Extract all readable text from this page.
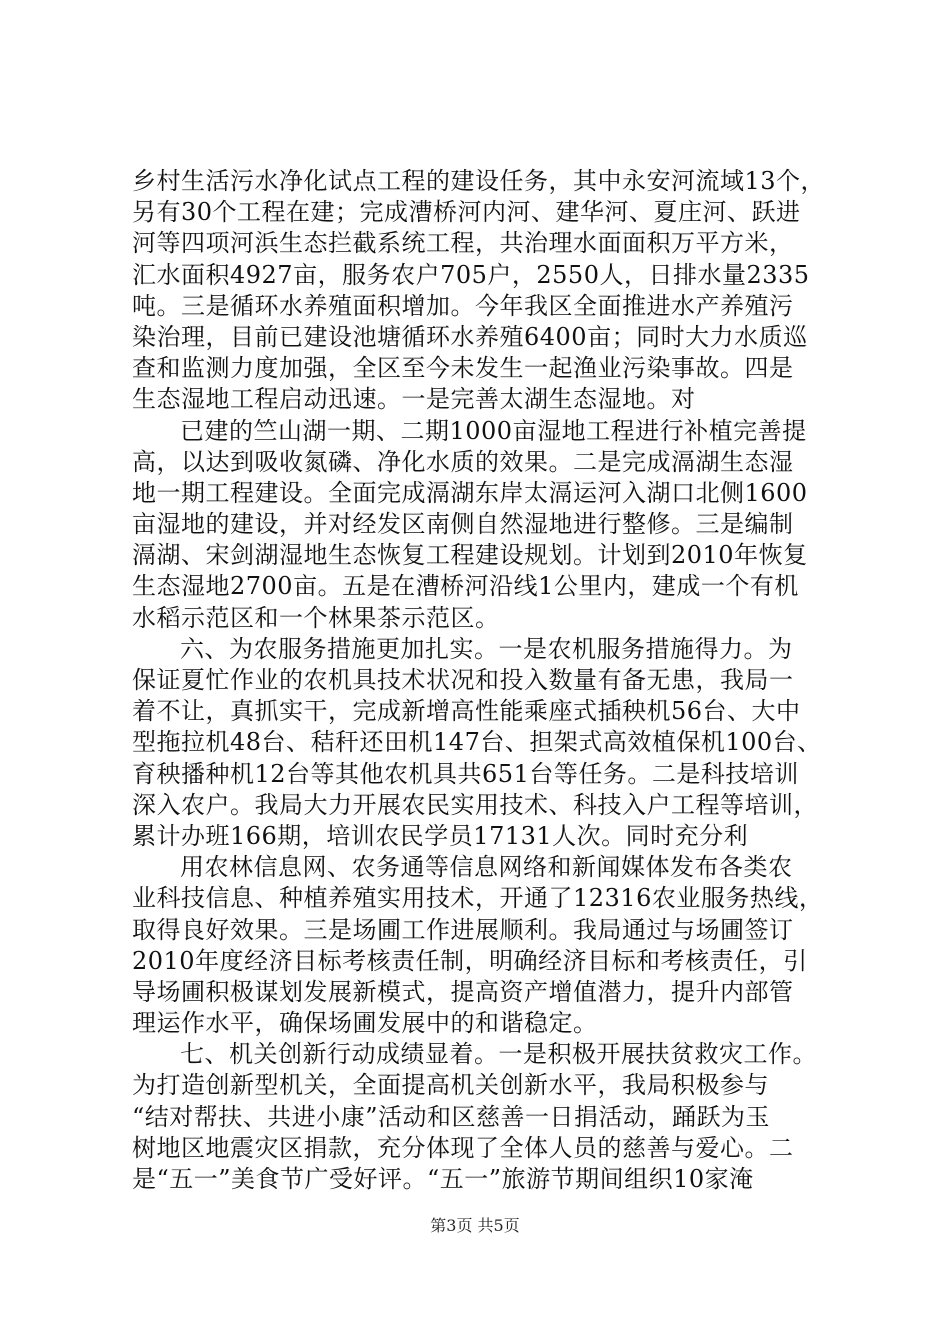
乡村生活污水净化试点工程的建设任务，其中永安河流域13个，
另有30个工程在建；完成漕桥河内河、建华河、夏庄河、跃进
河等四项河浜生态拦截系统工程，共治理水面面积万平方米，
汇水面积4927亩，服务农户705户，2550人，日排水量2335
吨。三是循环水养殖面积增加。今年我区全面推进水产养殖污
染治理，目前已建设池塘循环水养殖6400亩；同时大力水质巡
查和监测力度加强，全区至今未发生一起渔业污染事故。四是
生态湿地工程启动迅速。一是完善太湖生态湿地。对
已建的竺山湖一期、二期1000亩湿地工程进行补植完善提
高，以达到吸收氮磷、净化水质的效果。二是完成滆湖生态湿
地一期工程建设。全面完成滆湖东岸太滆运河入湖口北侧1600
亩湿地的建设，并对经发区南侧自然湿地进行整修。三是编制
滆湖、宋剑湖湿地生态恢复工程建设规划。计划到2010年恢复
生态湿地2700亩。五是在漕桥河沿线1公里内，建成一个有机
水稻示范区和一个林果茶示范区。
六、为农服务措施更加扎实。一是农机服务措施得力。为
保证夏忙作业的农机具技术状况和投入数量有备无患，我局一
着不让，真抓实干，完成新增高性能乘座式插秧机56台、大中
型拖拉机48台、秸秆还田机147台、担架式高效植保机100台、
育秧播种机12台等其他农机具共651台等任务。二是科技培训
深入农户。我局大力开展农民实用技术、科技入户工程等培训，
累计办班166期，培训农民学员17131人次。同时充分利
用农林信息网、农务通等信息网络和新闻媒体发布各类农
业科技信息、种植养殖实用技术，开通了12316农业服务热线，
取得良好效果。三是场圃工作进展顺利。我局通过与场圃签订
2010年度经济目标考核责任制，明确经济目标和考核责任，引
导场圃积极谋划发展新模式，提高资产增值潜力，提升内部管
理运作水平，确保场圃发展中的和谐稳定。
七、机关创新行动成绩显着。一是积极开展扶贫救灾工作。
为打造创新型机关，全面提高机关创新水平，我局积极参与
“结对帮扶、共进小康”活动和区慈善一日捐活动，踊跃为玉
树地区地震灾区捐款，充分体现了全体人员的慈善与爱心。二
是“五一”美食节广受好评。“五一”旅游节期间组织10家淹
第3页 共5页
